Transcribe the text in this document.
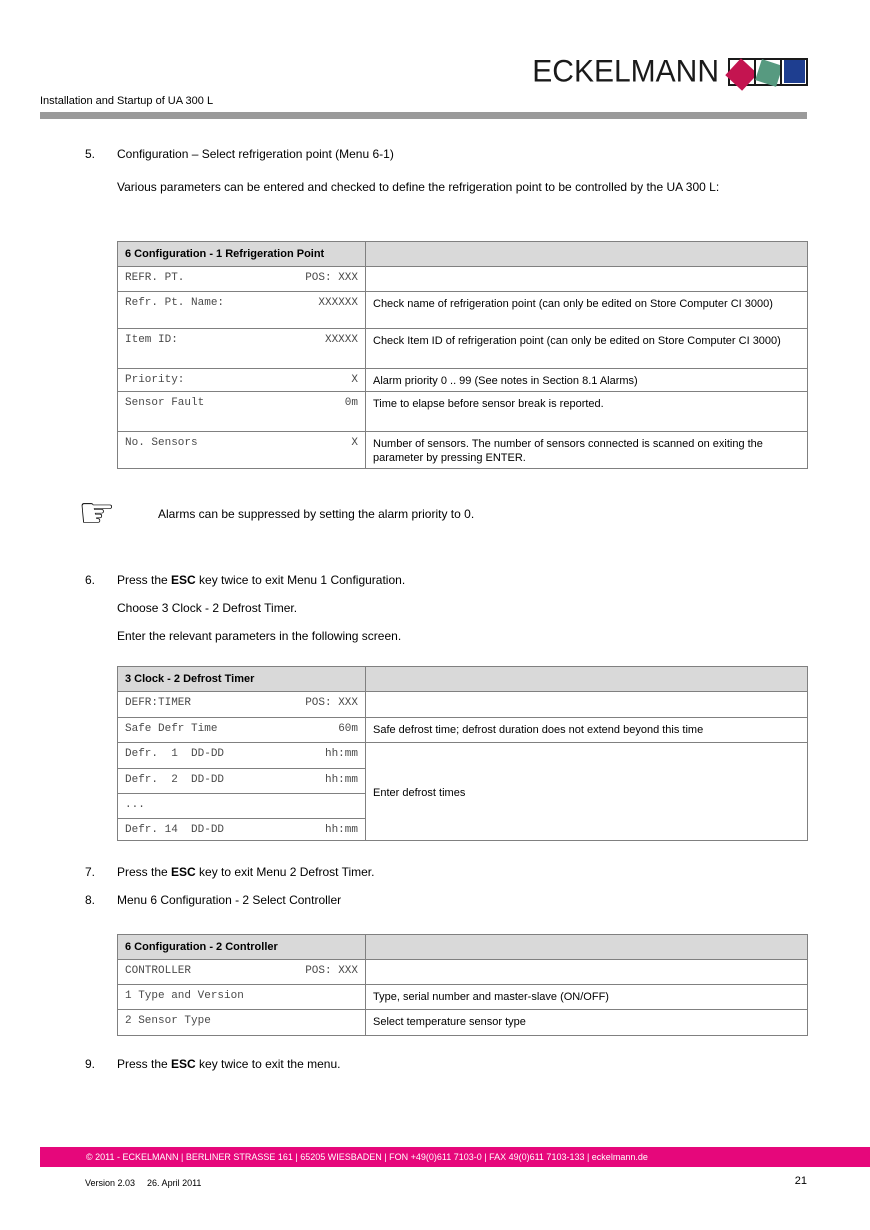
ECKELMANN
Installation and Startup of UA 300 L
5.	Configuration – Select refrigeration point (Menu 6-1)
Various parameters can be entered and checked to define the refrigeration point to be controlled by the UA 300 L:
6 Configuration - 1 Refrigeration Point	

REFR. PT. POS: XXX	

Refr. Pt. Name: XXXXXX	Check name of refrigeration point (can only be edited on Store Computer CI 3000)

Item ID: XXXXX	Check Item ID of refrigeration point (can only be edited on Store Computer CI 3000)

Priority: X	Alarm priority 0 .. 99 (See notes in Section 8.1 Alarms)

Sensor Fault 0m	Time to elapse before sensor break is reported.

No. Sensors X	Number of sensors. The number of sensors connected is scanned on exiting the parameter by pressing ENTER.
☞	Alarms can be suppressed by setting the alarm priority to 0.
6.	Press the ESC key twice to exit Menu 1 Configuration.
Choose 3 Clock - 2 Defrost Timer.
Enter the relevant parameters in the following screen.
3 Clock - 2 Defrost Timer	

DEFR:TIMER POS: XXX	

Safe Defr Time 60m	Safe defrost time; defrost duration does not extend beyond this time

Defr.  1  DD-DD hh:mm	Enter defrost times

Defr.  2  DD-DD hh:mm	

...	

Defr. 14  DD-DD hh:mm	
7.	Press the ESC key to exit Menu 2 Defrost Timer.
8.	Menu 6 Configuration - 2 Select Controller
6 Configuration - 2 Controller	

CONTROLLER POS: XXX	

1 Type and Version	Type, serial number and master-slave (ON/OFF)

2 Sensor Type	Select temperature sensor type
9.	Press the ESC key twice to exit the menu.
© 2011 - ECKELMANN | BERLINER STRASSE 161 | 65205 WIESBADEN | FON +49(0)611 7103-0 | FAX 49(0)611 7103-133 | eckelmann.de
Version 2.03 26. April 2011	21
